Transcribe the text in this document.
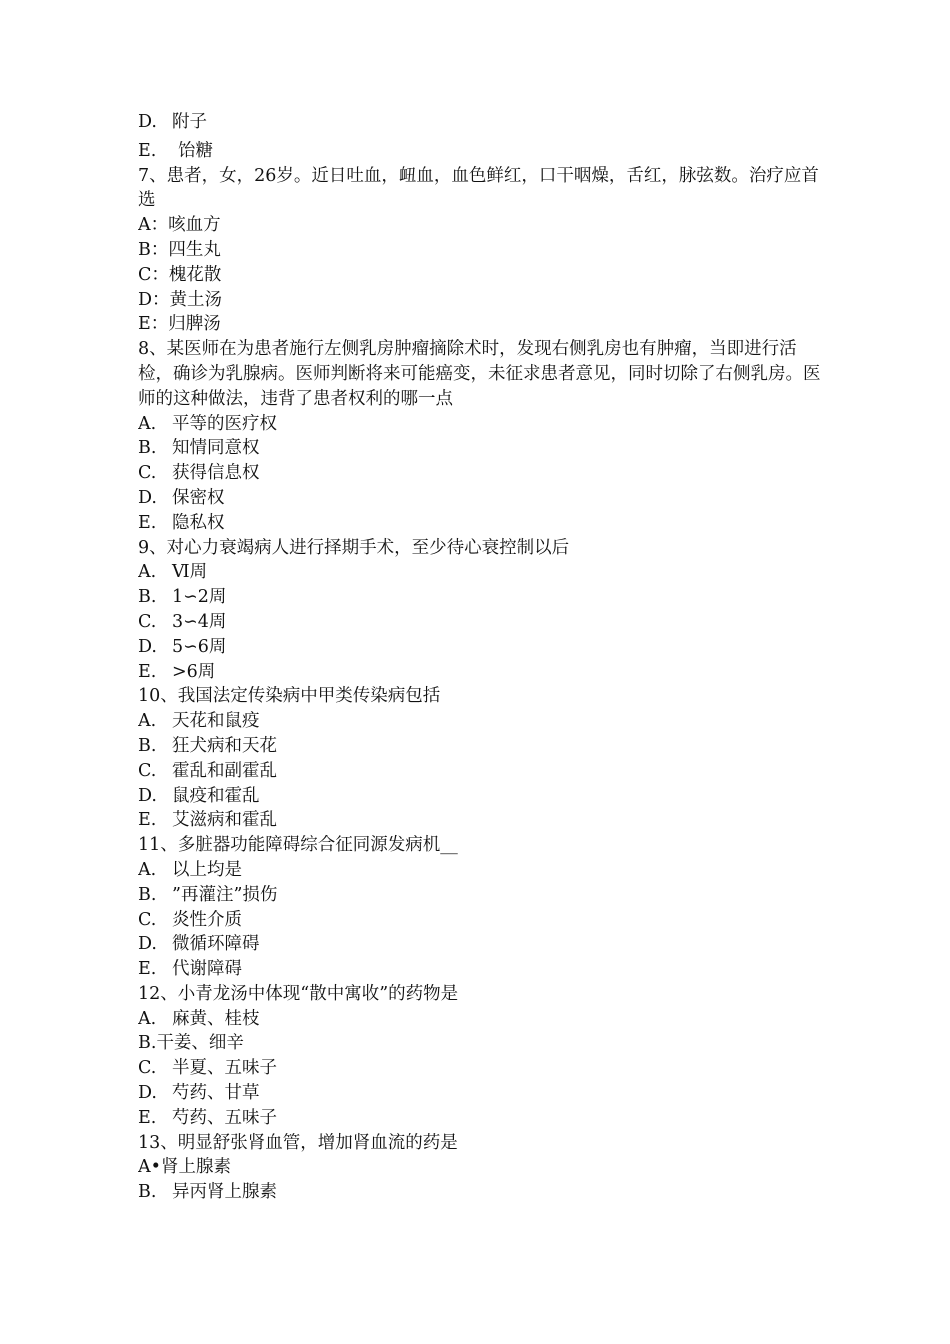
D. 附子
E. 饴糖
7、患者，女，26岁。近日吐血，衄血，血色鲜红，口干咽燥，舌红，脉弦数。治疗应首选
A：咳血方
B：四生丸
C：槐花散
D：黄土汤
E：归脾汤
8、某医师在为患者施行左侧乳房肿瘤摘除术时，发现右侧乳房也有肿瘤，当即进行活检，确诊为乳腺病。医师判断将来可能癌变，未征求患者意见，同时切除了右侧乳房。医师的这种做法，违背了患者权利的哪一点
A. 平等的医疗权
B. 知情同意权
C. 获得信息权
D. 保密权
E. 隐私权
9、对心力衰竭病人进行择期手术，至少待心衰控制以后
A. Ⅵ周
B. 1∽2周
C. 3∽4周
D. 5∽6周
E. >6周
10、我国法定传染病中甲类传染病包括
A. 天花和鼠疫
B. 狂犬病和天花
C. 霍乱和副霍乱
D. 鼠疫和霍乱
E. 艾滋病和霍乱
11、多脏器功能障碍综合征同源发病机__
A. 以上均是
B. ”再灌注”损伤
C. 炎性介质
D. 微循环障碍
E. 代谢障碍
12、小青龙汤中体现“散中寓收”的药物是
A. 麻黄、桂枝
B.干姜、细辛
C. 半夏、五味子
D. 芍药、甘草
E. 芍药、五味子
13、明显舒张肾血管，增加肾血流的药是
A•肾上腺素
B. 异丙肾上腺素
